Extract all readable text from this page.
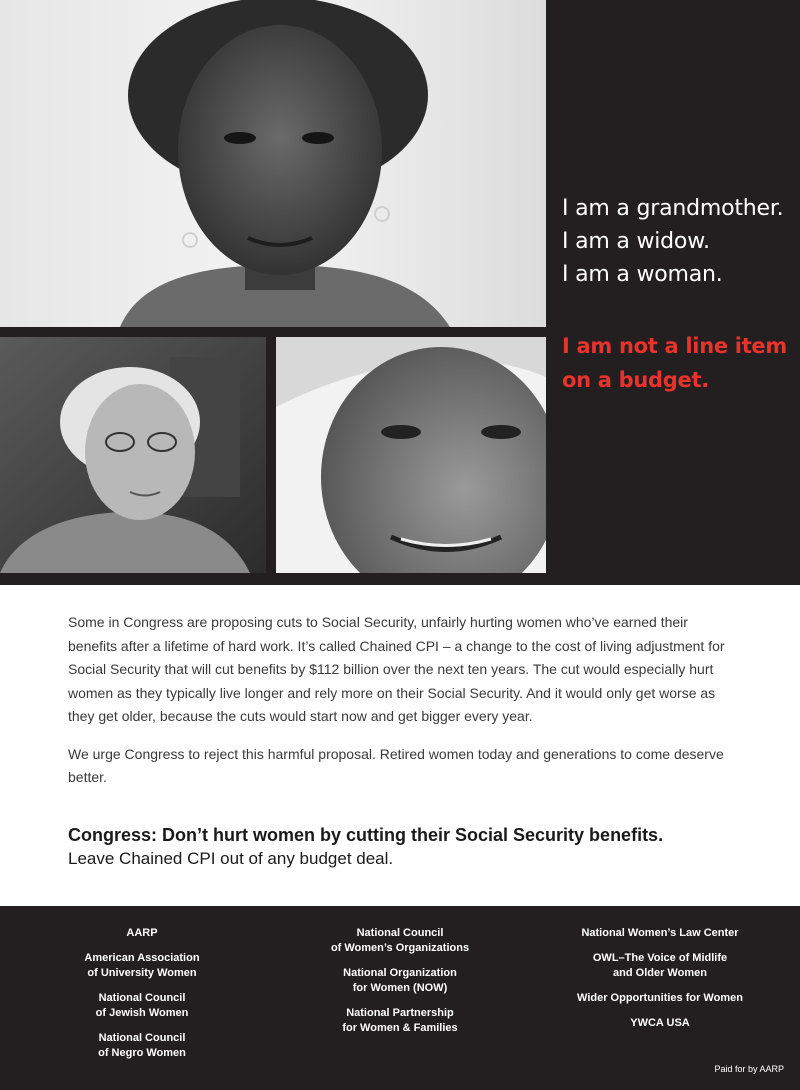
I am a grandmother.
I am a widow.
I am a woman.
I am not a line item
on a budget.

Some in Congress are proposing cuts to Social Security, unfairly hurting women who’ve earned their benefits after a lifetime of hard work. It’s called Chained CPI – a change to the cost of living adjustment for Social Security that will cut benefits by $112 billion over the next ten years. The cut would especially hurt women as they typically live longer and rely more on their Social Security. And it would only get worse as they get older, because the cuts would start now and get bigger every year.

We urge Congress to reject this harmful proposal. Retired women today and generations to come deserve better.

Congress: Don’t hurt women by cutting their Social Security benefits.
Leave Chained CPI out of any budget deal.
AARP
American Association
of University Women
National Council
of Jewish Women
National Council
of Negro Women
National Council
of Women’s Organizations
National Organization
for Women (NOW)
National Partnership
for Women & Families
National Women’s Law Center
OWL–The Voice of Midlife
and Older Women
Wider Opportunities for Women
YWCA USA
Paid for by AARP
